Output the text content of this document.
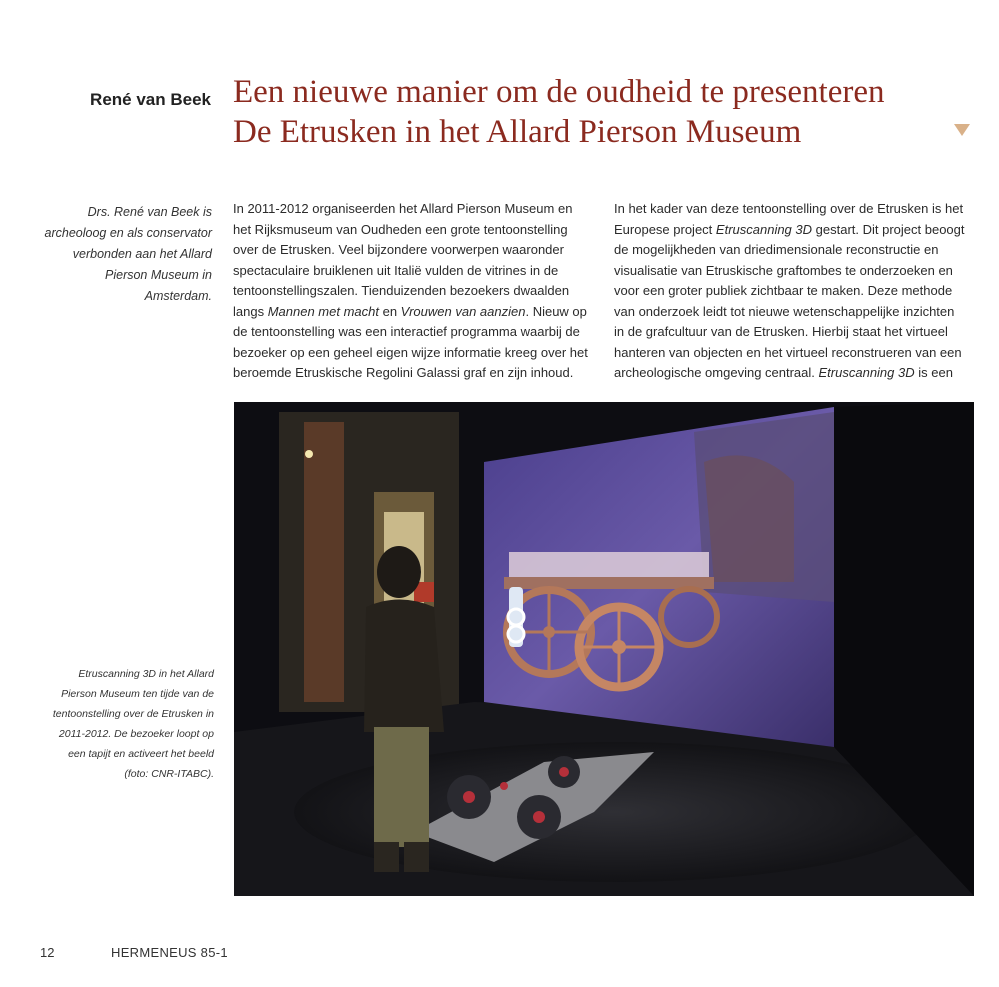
René van Beek Een nieuwe manier om de oudheid te presenteren
De Etrusken in het Allard Pierson Museum
Drs. René van Beek is archeoloog en als conservator verbonden aan het Allard Pierson Museum in Amsterdam.
In 2011-2012 organiseerden het Allard Pierson Museum en
het Rijksmuseum van Oudheden een grote tentoonstelling
over de Etrusken. Veel bijzondere voorwerpen waaronder
spectaculaire bruiklenen uit Italië vulden de vitrines in de
tentoonstellingszalen. Tienduizenden bezoekers dwaalden
langs Mannen met macht en Vrouwen van aanzien. Nieuw op
de tentoonstelling was een interactief programma waarbij de
bezoeker op een geheel eigen wijze informatie kreeg over het
beroemde Etruskische Regolini Galassi graf en zijn inhoud.
In het kader van deze tentoonstelling over de Etrusken is het
Europese project Etruscanning 3D gestart. Dit project beoogt
de mogelijkheden van driedimensionale reconstructie en
visualisatie van Etruskische graftombes te onderzoeken en
voor een groter publiek zichtbaar te maken. Deze methode
van onderzoek leidt tot nieuwe wetenschappelijke inzichten
in de grafcultuur van de Etrusken. Hierbij staat het virtueel
hanteren van objecten en het virtueel reconstrueren van een
archeologische omgeving centraal. Etruscanning 3D is een
Etruscanning 3D in het Allard
Pierson Museum ten tijde van de
tentoonstelling over de Etrusken in
2011-2012. De bezoeker loopt op
een tapijt en activeert het beeld
(foto: CNR-ITABC).
12	HERMENEUS 85-1
